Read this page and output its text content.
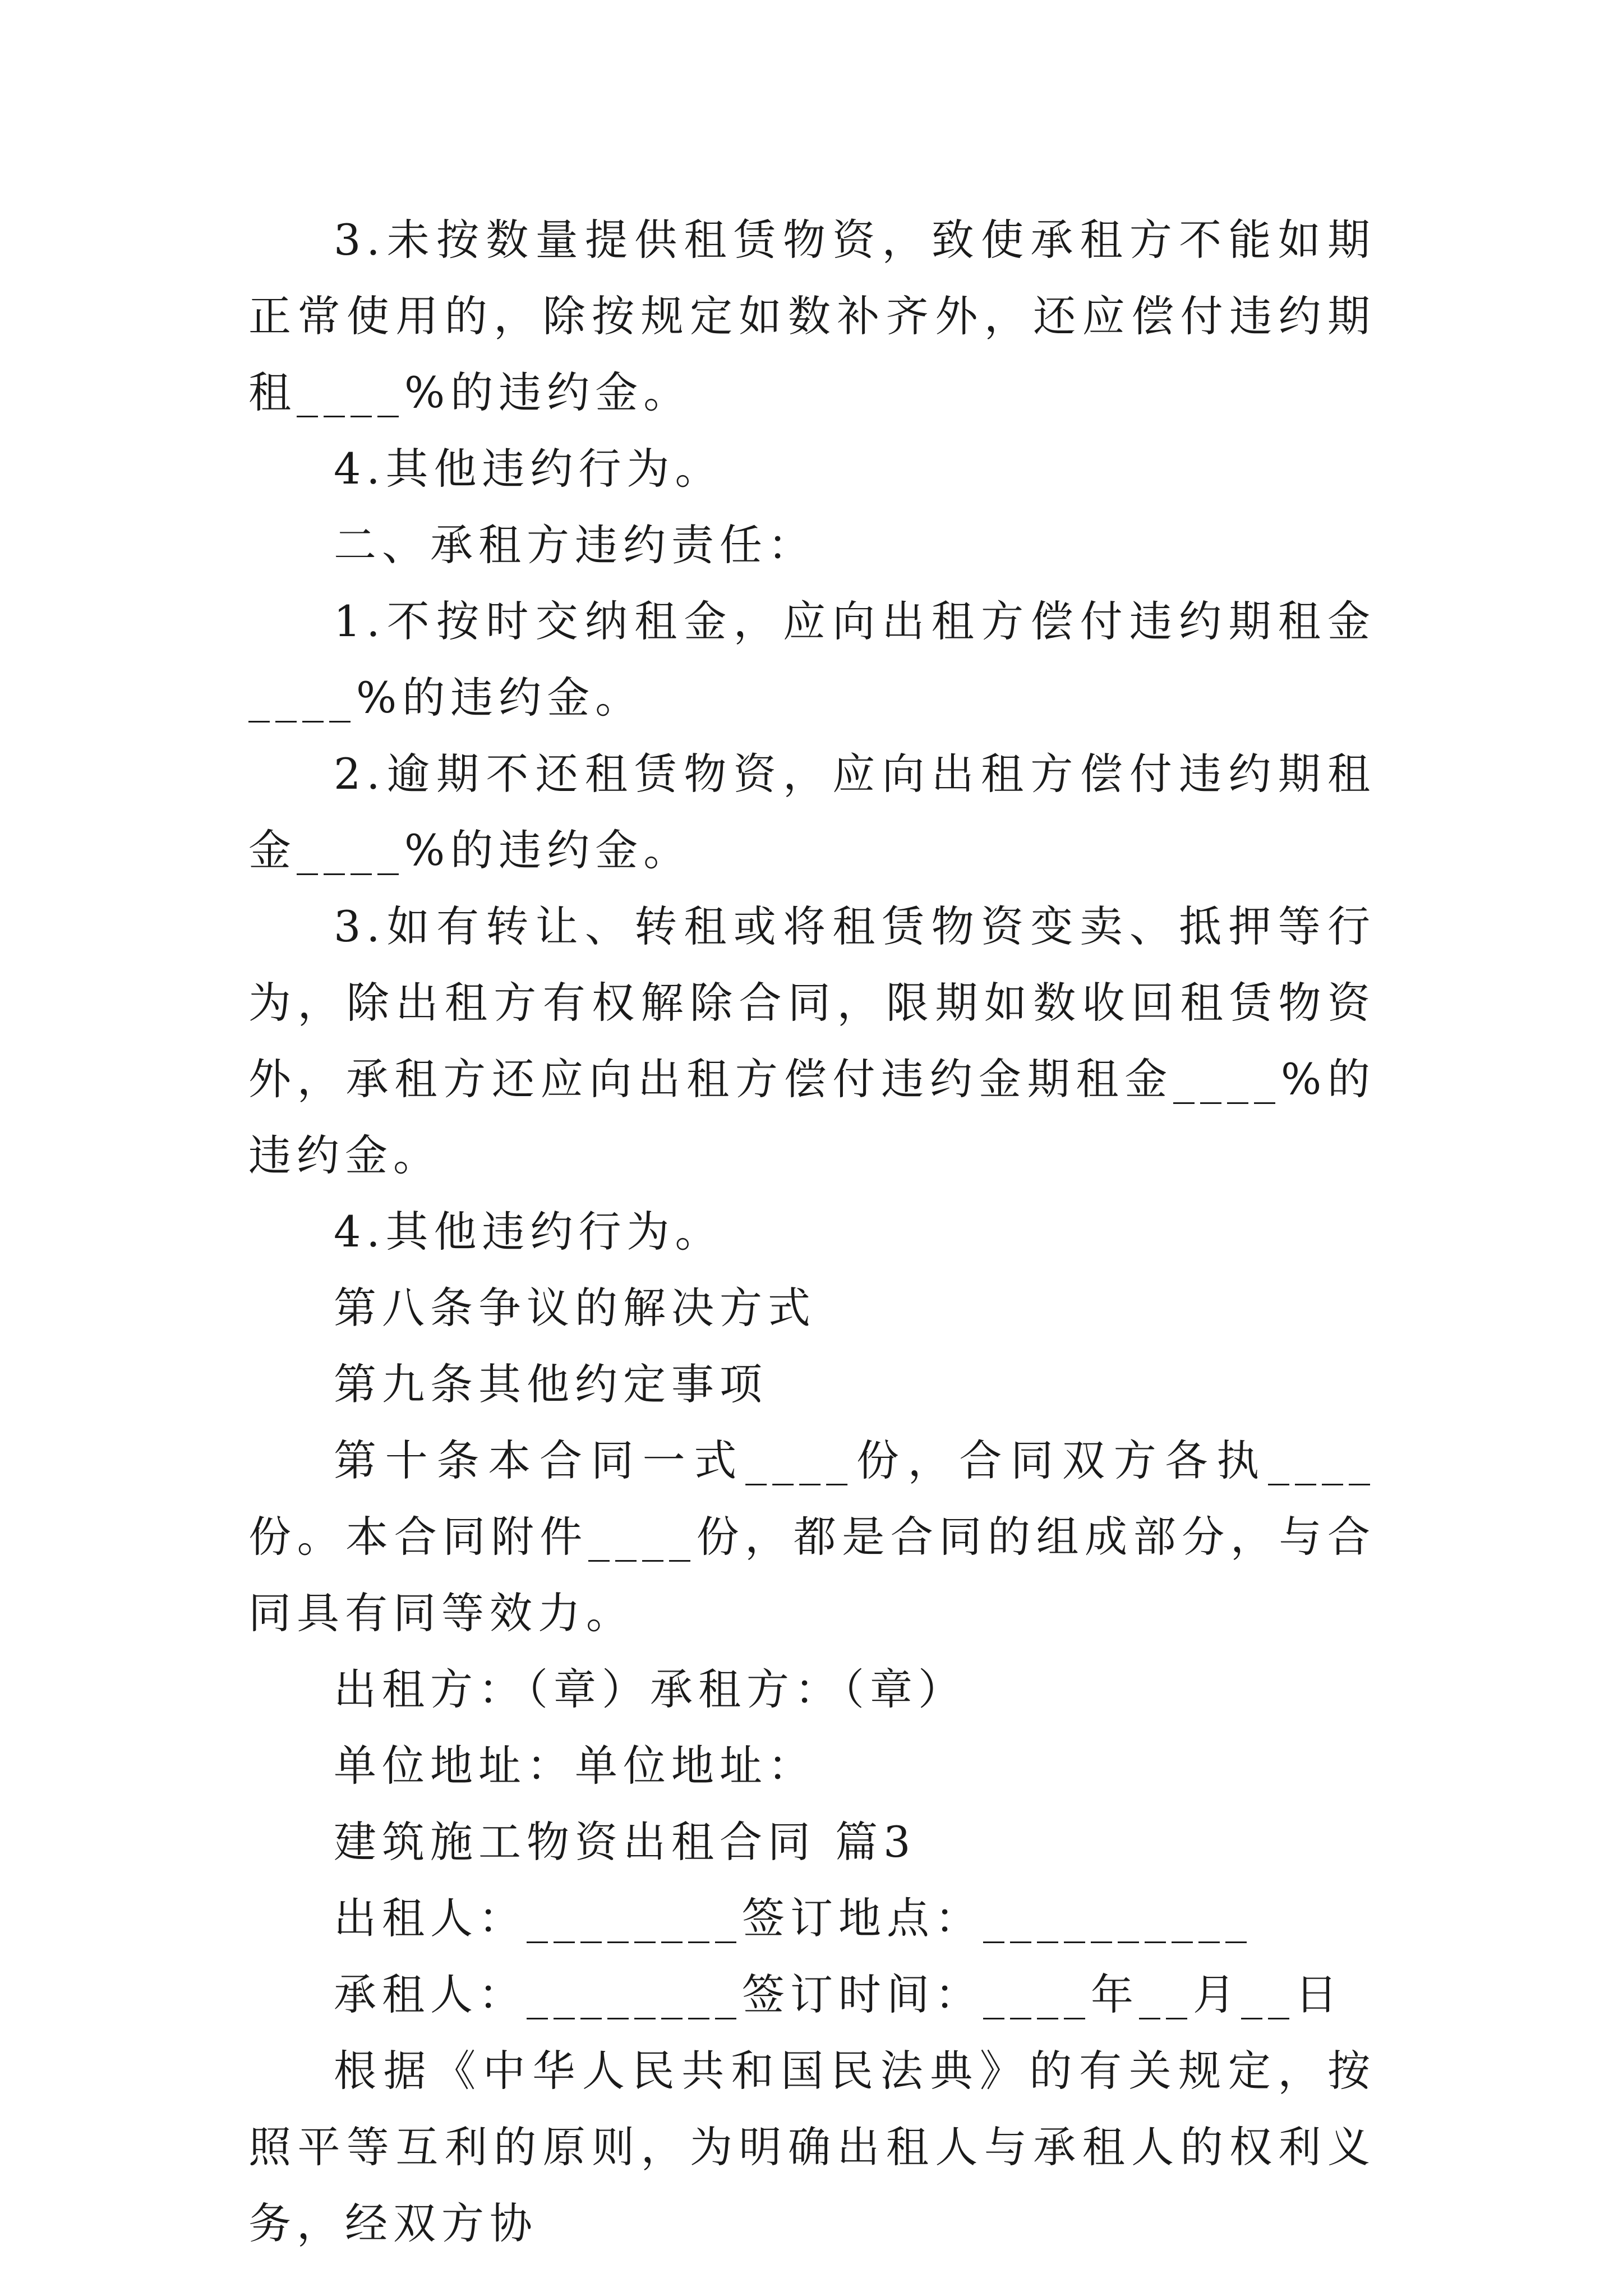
3.未按数量提供租赁物资，致使承租方不能如期正常使用的，除按规定如数补齐外，还应偿付违约期租____%的违约金。

4.其他违约行为。

二、承租方违约责任：

1.不按时交纳租金，应向出租方偿付违约期租金____%的违约金。

2.逾期不还租赁物资，应向出租方偿付违约期租金____%的违约金。

3.如有转让、转租或将租赁物资变卖、抵押等行为，除出租方有权解除合同，限期如数收回租赁物资外，承租方还应向出租方偿付违约金期租金____%的违约金。

4.其他违约行为。

第八条争议的解决方式

第九条其他约定事项

第十条本合同一式____份，合同双方各执____份。本合同附件____份，都是合同的组成部分，与合同具有同等效力。

出租方：（章）承租方：（章）

单位地址：单位地址：

建筑施工物资出租合同 篇3

出租人：________签订地点：__________

承租人：________签订时间：____年__月__日

根据《中华人民共和国民法典》的有关规定，按照平等互利的原则，为明确出租人与承租人的权利义务，经双方协
